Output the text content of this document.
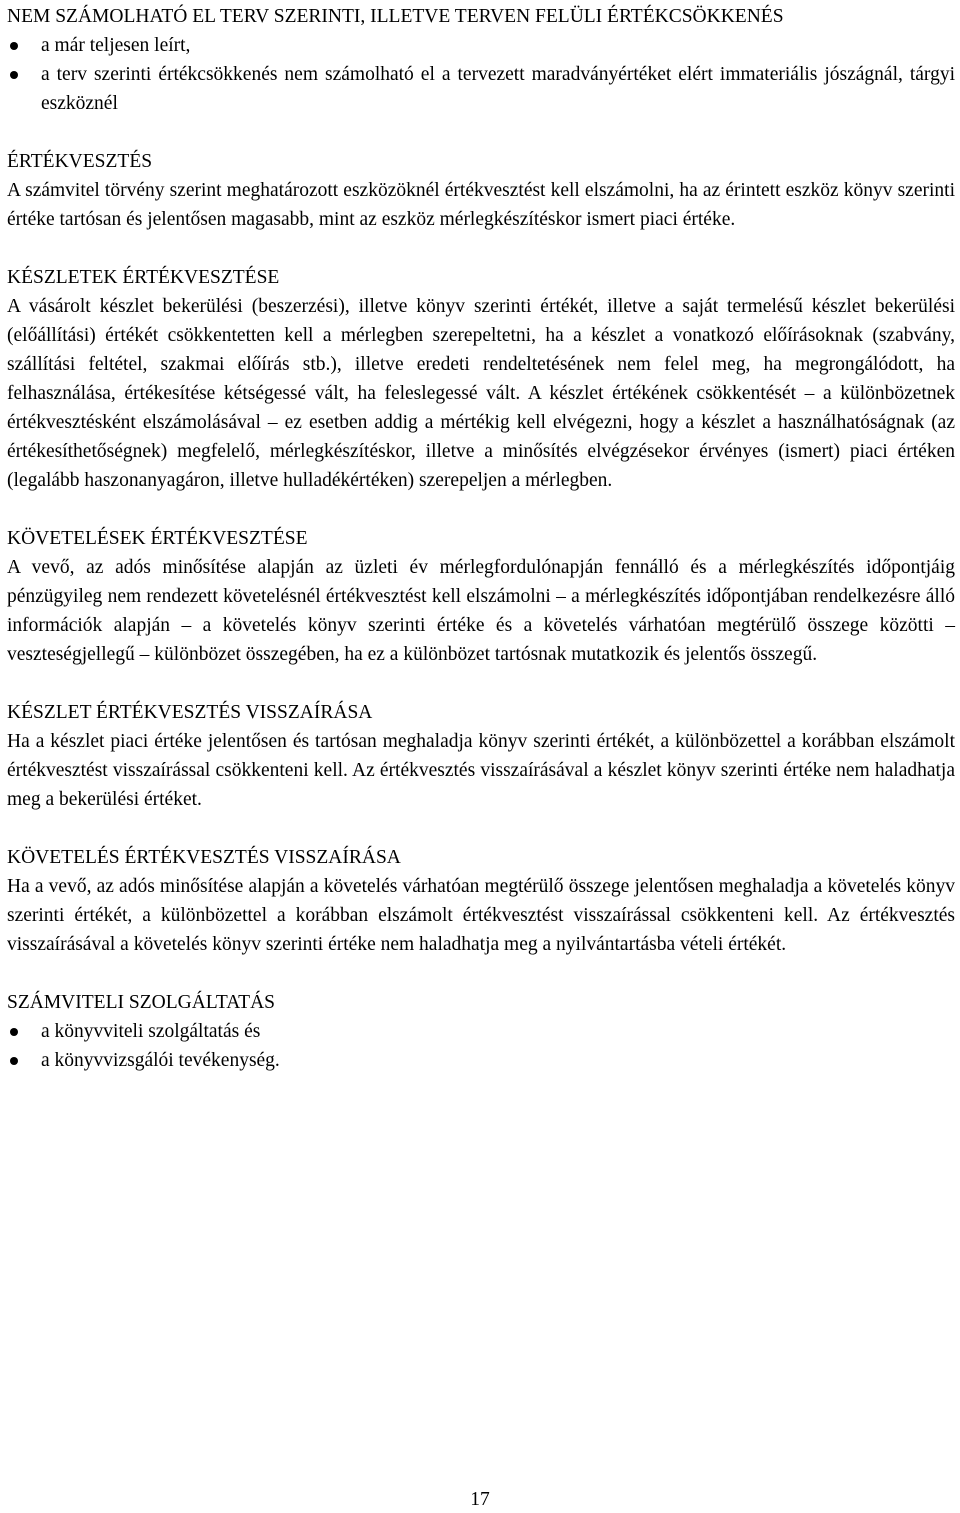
NEM SZÁMOLHATÓ EL TERV SZERINTI, ILLETVE TERVEN FELÜLI ÉRTÉKCSÖKKENÉS

a már teljesen leírt,
a terv szerinti értékcsökkenés nem számolható el a tervezett maradványértéket elért immateriális jószágnál, tárgyi eszköznél

ÉRTÉKVESZTÉS

A számvitel törvény szerint meghatározott eszközöknél értékvesztést kell elszámolni, ha az érintett eszköz könyv szerinti értéke tartósan és jelentősen magasabb, mint az eszköz mérlegkészítéskor ismert piaci értéke.

KÉSZLETEK ÉRTÉKVESZTÉSE

A vásárolt készlet bekerülési (beszerzési), illetve könyv szerinti értékét, illetve a saját termelésű készlet bekerülési (előállítási) értékét csökkentetten kell a mérlegben szerepeltetni, ha a készlet a vonatkozó előírásoknak (szabvány, szállítási feltétel, szakmai előírás stb.), illetve eredeti rendeltetésének nem felel meg, ha megrongálódott, ha felhasználása, értékesítése kétségessé vált, ha feleslegessé vált. A készlet értékének csökkentését – a különbözetnek értékvesztésként elszámolásával – ez esetben addig a mértékig kell elvégezni, hogy a készlet a használhatóságnak (az értékesíthetőségnek) megfelelő, mérlegkészítéskor, illetve a minősítés elvégzésekor érvényes (ismert) piaci értéken (legalább haszonanyagáron, illetve hulladékértéken) szerepeljen a mérlegben.

KÖVETELÉSEK ÉRTÉKVESZTÉSE

A vevő, az adós minősítése alapján az üzleti év mérlegfordulónapján fennálló és a mérlegkészítés időpontjáig pénzügyileg nem rendezett követelésnél értékvesztést kell elszámolni – a mérlegkészítés időpontjában rendelkezésre álló információk alapján – a követelés könyv szerinti értéke és a követelés várhatóan megtérülő összege közötti – veszteségjellegű – különbözet összegében, ha ez a különbözet tartósnak mutatkozik és jelentős összegű.

KÉSZLET ÉRTÉKVESZTÉS VISSZAÍRÁSA

Ha a készlet piaci értéke jelentősen és tartósan meghaladja könyv szerinti értékét, a különbözettel a korábban elszámolt értékvesztést visszaírással csökkenteni kell. Az értékvesztés visszaírásával a készlet könyv szerinti értéke nem haladhatja meg a bekerülési értéket.

KÖVETELÉS ÉRTÉKVESZTÉS VISSZAÍRÁSA

Ha a vevő, az adós minősítése alapján a követelés várhatóan megtérülő összege jelentősen meghaladja a követelés könyv szerinti értékét, a különbözettel a korábban elszámolt értékvesztést visszaírással csökkenteni kell. Az értékvesztés visszaírásával a követelés könyv szerinti értéke nem haladhatja meg a nyilvántartásba vételi értékét.

SZÁMVITELI SZOLGÁLTATÁS

a könyvviteli szolgáltatás és
a könyvvizsgálói tevékenység.
17
